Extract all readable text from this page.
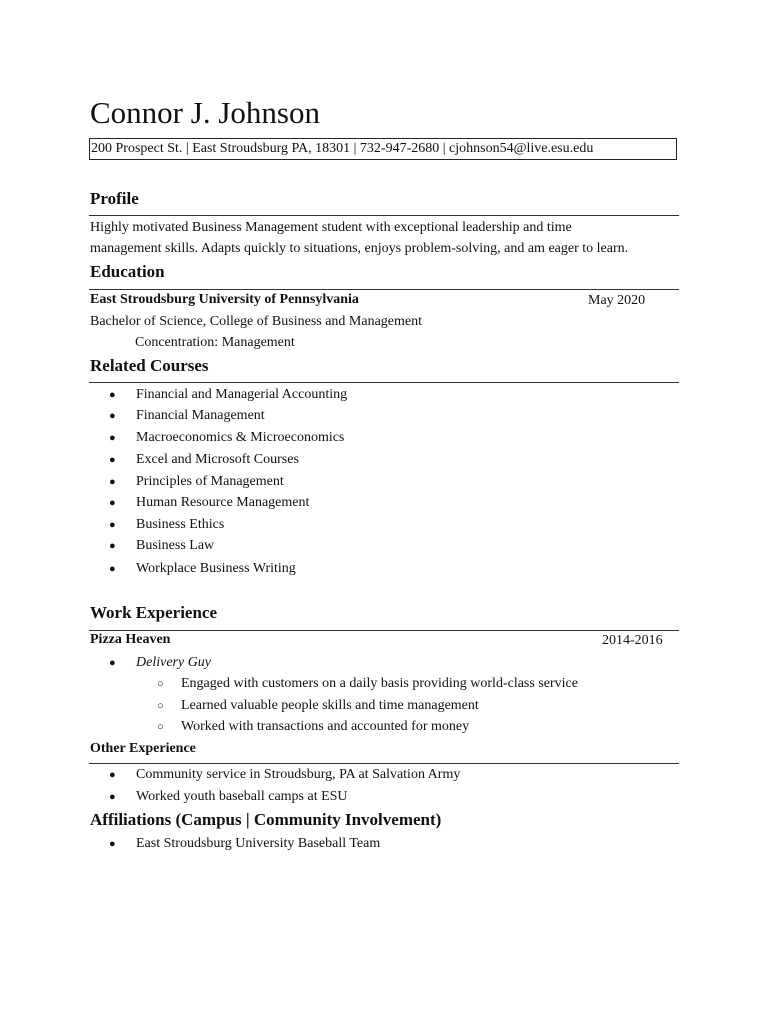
Connor J. Johnson
200 Prospect St. | East Stroudsburg PA, 18301 | 732-947-2680 | cjohnson54@live.esu.edu
Profile
Highly motivated Business Management student with exceptional leadership and time
management skills. Adapts quickly to situations, enjoys problem-solving, and am eager to learn.
Education
East Stroudsburg University of Pennsylvania	May 2020
Bachelor of Science, College of Business and Management
Concentration: Management
Related Courses
● Financial and Managerial Accounting
● Financial Management
● Macroeconomics & Microeconomics
● Excel and Microsoft Courses
● Principles of Management
● Human Resource Management
● Business Ethics
● Business Law
● Workplace Business Writing
Work Experience
Pizza Heaven	2014-2016
● Delivery Guy
○ Engaged with customers on a daily basis providing world-class service
○ Learned valuable people skills and time management
○ Worked with transactions and accounted for money
Other Experience
● Community service in Stroudsburg, PA at Salvation Army
● Worked youth baseball camps at ESU
Affiliations (Campus | Community Involvement)
● East Stroudsburg University Baseball Team
